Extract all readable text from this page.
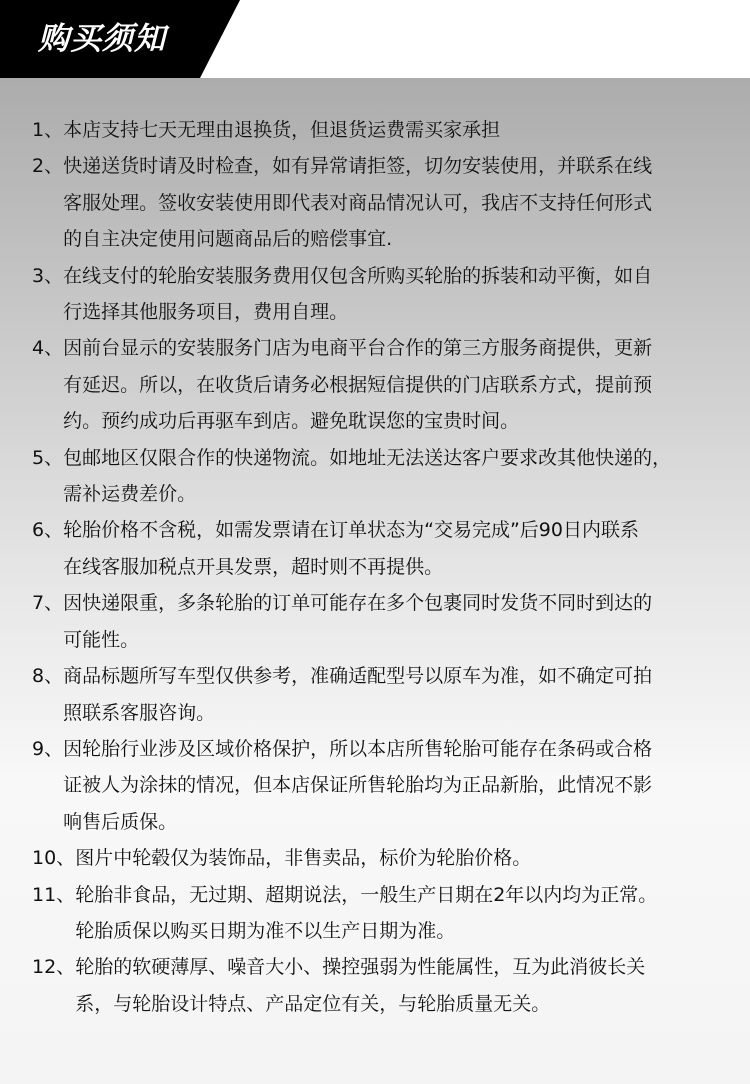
购买须知
1、 本店支持七天无理由退换货，但退货运费需买家承担
2、 快递送货时请及时检查，如有异常请拒签，切勿安装使用，并联系在线
客服处理。签收安装使用即代表对商品情况认可，我店不支持任何形式
的自主决定使用问题商品后的赔偿事宜.
3、 在线支付的轮胎安装服务费用仅包含所购买轮胎的拆装和动平衡，如自
行选择其他服务项目，费用自理。
4、 因前台显示的安装服务门店为电商平台合作的第三方服务商提供，更新
有延迟。所以，在收货后请务必根据短信提供的门店联系方式，提前预
约。预约成功后再驱车到店。避免耽误您的宝贵时间。
5、 包邮地区仅限合作的快递物流。如地址无法送达客户要求改其他快递的，
需补运费差价。
6、 轮胎价格不含税，如需发票请在订单状态为“交易完成”后90日内联系
在线客服加税点开具发票，超时则不再提供。
7、 因快递限重，多条轮胎的订单可能存在多个包裹同时发货不同时到达的
可能性。
8、 商品标题所写车型仅供参考，准确适配型号以原车为准，如不确定可拍
照联系客服咨询。
9、 因轮胎行业涉及区域价格保护，所以本店所售轮胎可能存在条码或合格
证被人为涂抹的情况，但本店保证所售轮胎均为正品新胎，此情况不影
响售后质保。
10、 图片中轮毂仅为装饰品，非售卖品，标价为轮胎价格。
11、 轮胎非食品，无过期、超期说法，一般生产日期在2年以内均为正常。
轮胎质保以购买日期为准不以生产日期为准。
12、 轮胎的软硬薄厚、噪音大小、操控强弱为性能属性，互为此消彼长关
系，与轮胎设计特点、产品定位有关，与轮胎质量无关。
